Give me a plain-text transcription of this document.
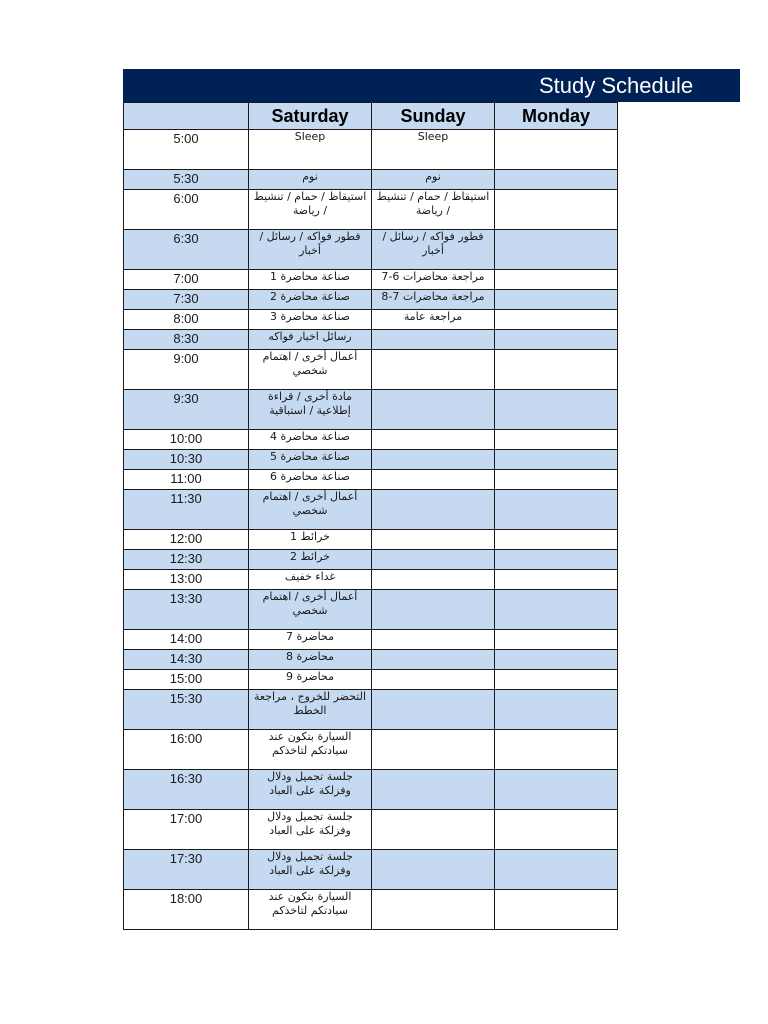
Study Schedule
	Saturday	Sunday	Monday
5:00	Sleep	Sleep	
5:30	نوم	نوم	
6:00	استيقاظ / حمام / تنشيط / رياضة	استيقاظ / حمام / تنشيط / رياضة	
6:30	فطور فواكه / رسائل / أخبار	فطور فواكه / رسائل / أخبار	
7:00	صناعة محاضرة 1	مراجعة محاضرات 6-7	
7:30	صناعة محاضرة 2	مراجعة محاضرات 7-8	
8:00	صناعة محاضرة 3	مراجعة عامة	
8:30	رسائل اخبار فواكه		
9:00	أعمال أخرى / اهتمام شخصي		
9:30	مادة أخرى / قراءة إطلاعية / استباقية		
10:00	صناعة محاضرة 4		
10:30	صناعة محاضرة 5		
11:00	صناعة محاضرة 6		
11:30	أعمال أخرى / اهتمام شخصي		
12:00	خرائط 1		
12:30	خرائط 2		
13:00	غداء خفيف		
13:30	أعمال أخرى / اهتمام شخصي		
14:00	محاضرة 7		
14:30	محاضرة 8		
15:00	محاضرة 9		
15:30	التحضر للخروج ، مراجعة الخطط		
16:00	السيارة بتكون عند سيادتكم لتاخذكم		
16:30	جلسة تجميل ودلال وفزلكة على العباد		
17:00	جلسة تجميل ودلال وفزلكة على العباد		
17:30	جلسة تجميل ودلال وفزلكة على العباد		
18:00	السيارة بتكون عند سيادتكم لتاخذكم		
